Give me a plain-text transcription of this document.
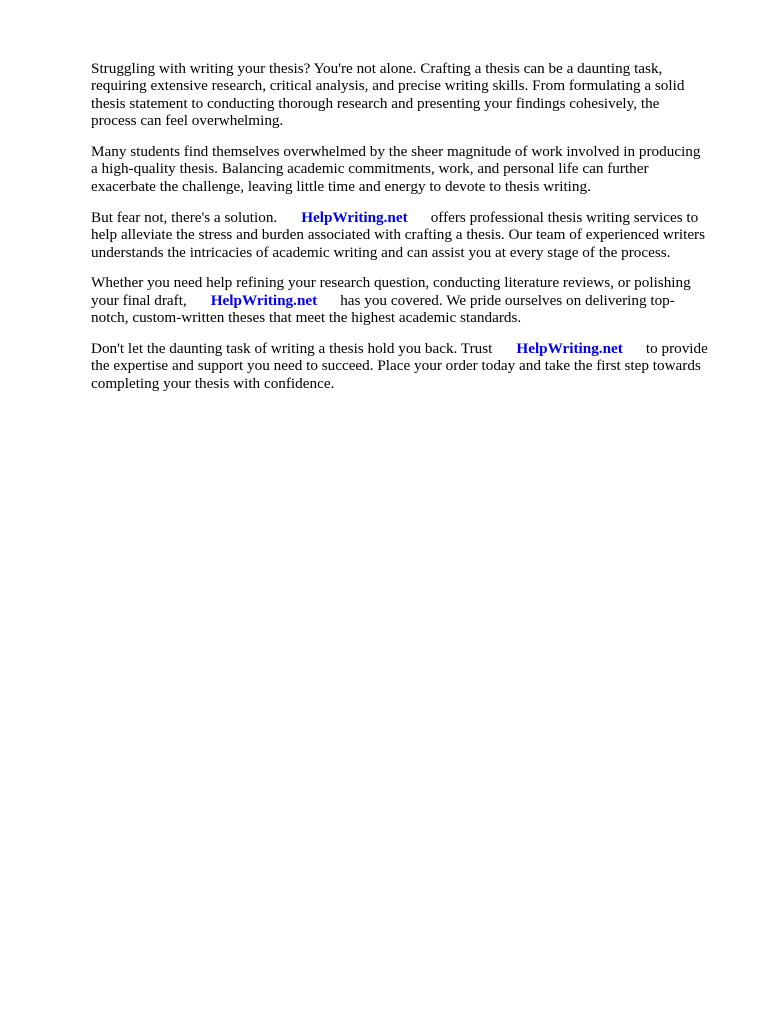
Struggling with writing your thesis? You're not alone. Crafting a thesis can be a daunting task,
requiring extensive research, critical analysis, and precise writing skills. From formulating a solid
thesis statement to conducting thorough research and presenting your findings cohesively, the
process can feel overwhelming.
Many students find themselves overwhelmed by the sheer magnitude of work involved in producing
a high-quality thesis. Balancing academic commitments, work, and personal life can further
exacerbate the challenge, leaving little time and energy to devote to thesis writing.
But fear not, there's a solution. HelpWriting.net offers professional thesis writing services to
help alleviate the stress and burden associated with crafting a thesis. Our team of experienced writers
understands the intricacies of academic writing and can assist you at every stage of the process.
Whether you need help refining your research question, conducting literature reviews, or polishing
your final draft, HelpWriting.net has you covered. We pride ourselves on delivering top-
notch, custom-written theses that meet the highest academic standards.
Don't let the daunting task of writing a thesis hold you back. Trust HelpWriting.net to provide
the expertise and support you need to succeed. Place your order today and take the first step towards
completing your thesis with confidence.
